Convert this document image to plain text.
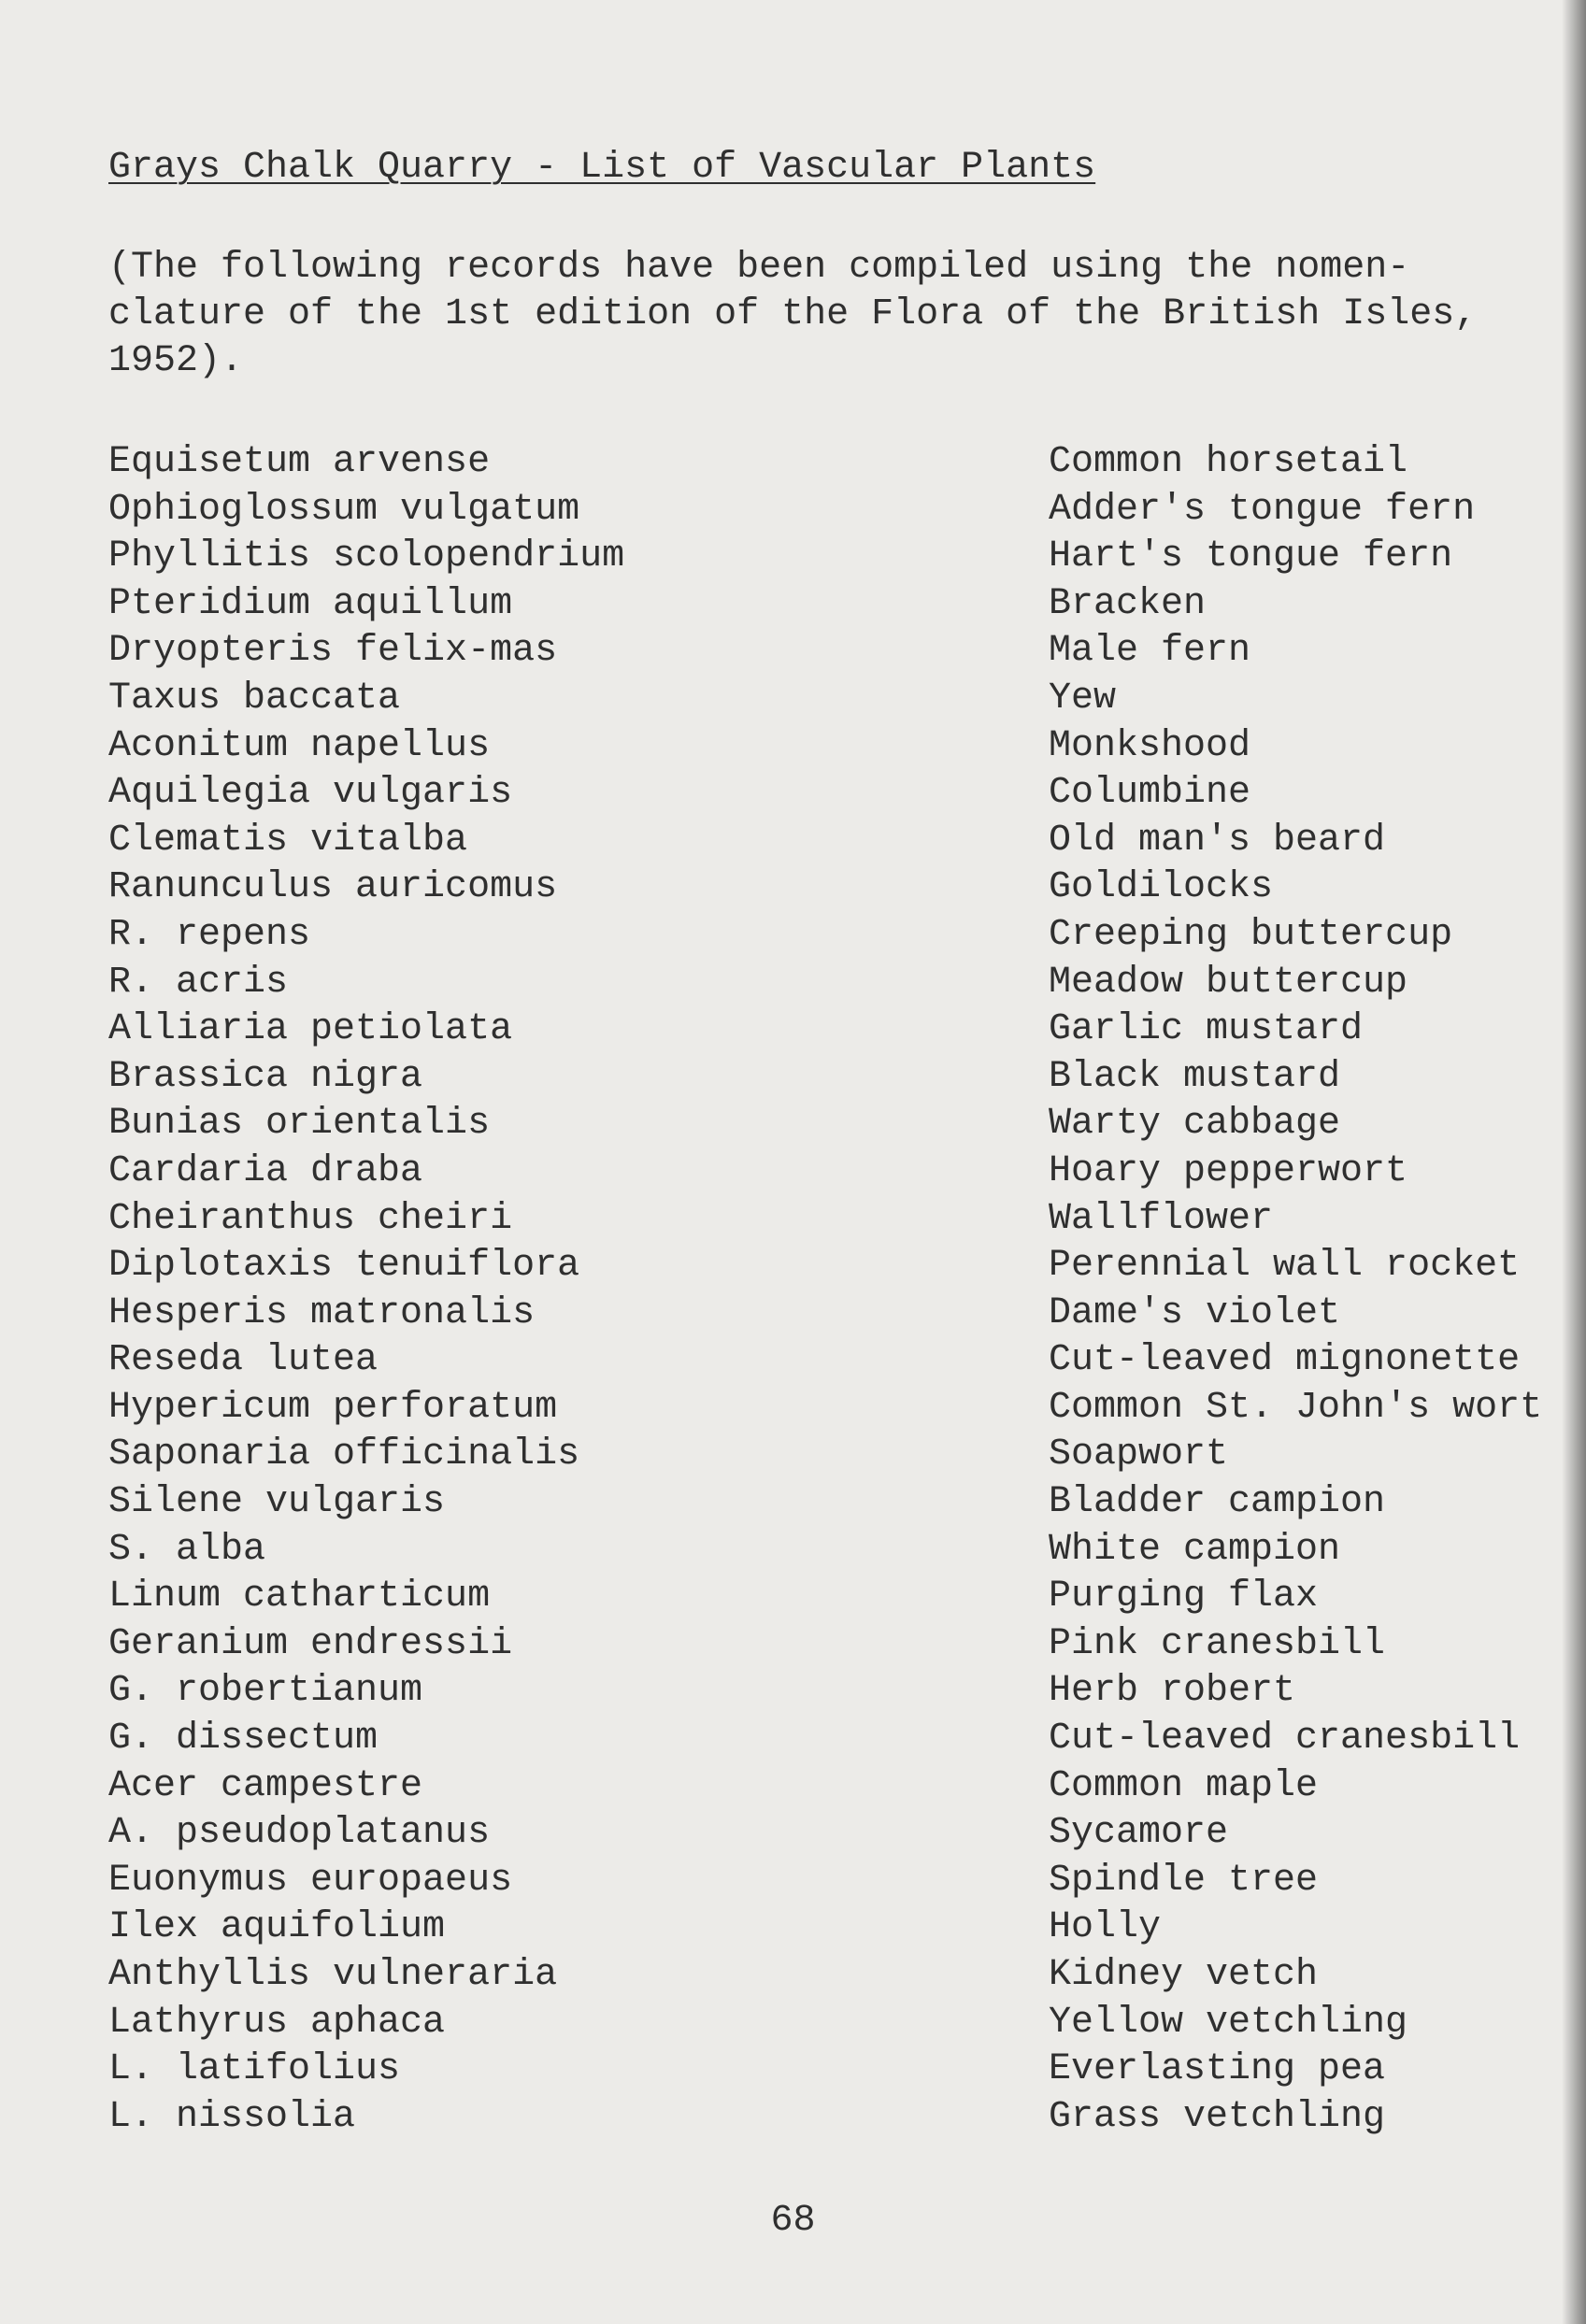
Grays Chalk Quarry - List of Vascular Plants

(The following records have been compiled using the nomen-
clature of the 1st edition of the Flora of the British Isles,
1952).

Equisetum arvense	Common horsetail
Ophioglossum vulgatum	Adder's tongue fern
Phyllitis scolopendrium	Hart's tongue fern
Pteridium aquillum	Bracken
Dryopteris felix-mas	Male fern
Taxus baccata	Yew
Aconitum napellus	Monkshood
Aquilegia vulgaris	Columbine
Clematis vitalba	Old man's beard
Ranunculus auricomus	Goldilocks
R. repens	Creeping buttercup
R. acris	Meadow buttercup
Alliaria petiolata	Garlic mustard
Brassica nigra	Black mustard
Bunias orientalis	Warty cabbage
Cardaria draba	Hoary pepperwort
Cheiranthus cheiri	Wallflower
Diplotaxis tenuiflora	Perennial wall rocket
Hesperis matronalis	Dame's violet
Reseda lutea	Cut-leaved mignonette
Hypericum perforatum	Common St. John's wort
Saponaria officinalis	Soapwort
Silene vulgaris	Bladder campion
S. alba	White campion
Linum catharticum	Purging flax
Geranium endressii	Pink cranesbill
G. robertianum	Herb robert
G. dissectum	Cut-leaved cranesbill
Acer campestre	Common maple
A. pseudoplatanus	Sycamore
Euonymus europaeus	Spindle tree
Ilex aquifolium	Holly
Anthyllis vulneraria	Kidney vetch
Lathyrus aphaca	Yellow vetchling
L. latifolius	Everlasting pea
L. nissolia	Grass vetchling
68
